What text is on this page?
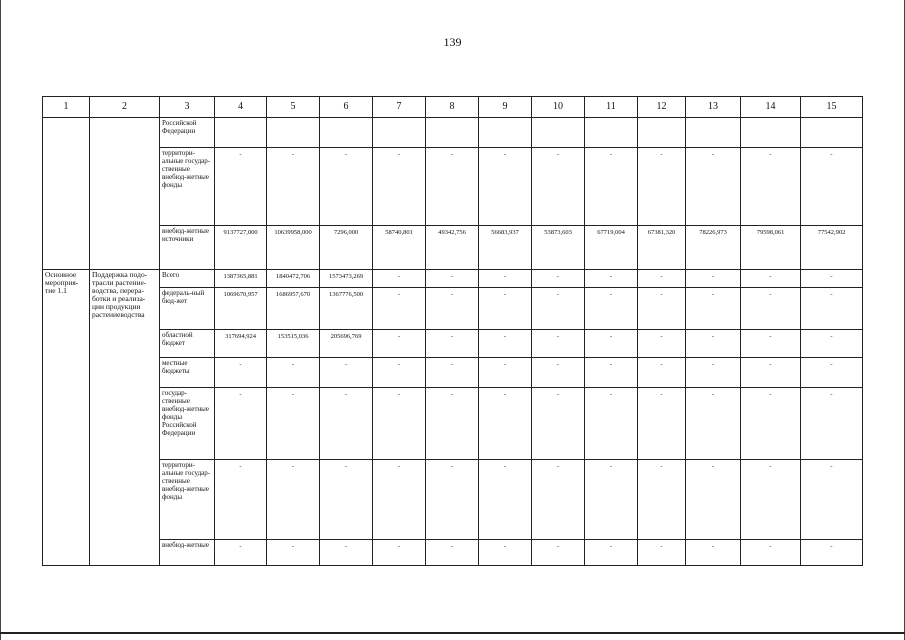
139
1	2	3	4	5	6	7	8	9	10	11	12	13	14	15
		Российской Федерации												
		территори-альные государ-ственные внебюд-жетные фонды	-	-	-	-	-	-	-	-	-	-	-	-
		внебюд-жетные источники	9137727,000	10639958,000	7296,000	58740,801	49342,756	56683,937	53873,603	67719,004	67381,320	78226,973	79598,061	77542,902
Основное мероприя-тие 1.1	Поддержка подо-трасли растение-водства, перера-ботки и реализа-ции продукции растениеводства	Всего	1387365,881	1840472,706	1573473,269	-	-	-	-	-	-	-	-	-
		федераль-ный бюд-жет	1069670,957	1686957,670	1367776,500	-	-	-	-	-	-	-	-	-
		областной бюджет	317694,924	153515,036	205696,769	-	-	-	-	-	-	-	-	-
		местные бюджеты	-	-	-	-	-	-	-	-	-	-	-	-
		государ-ственные внебюд-жетные фонды Российской Федерации	-	-	-	-	-	-	-	-	-	-	-	-
		территори-альные государ-ственные внебюд-жетные фонды	-	-	-	-	-	-	-	-	-	-	-	-
		внебюд-жетные	-	-	-	-	-	-	-	-	-	-	-	-
